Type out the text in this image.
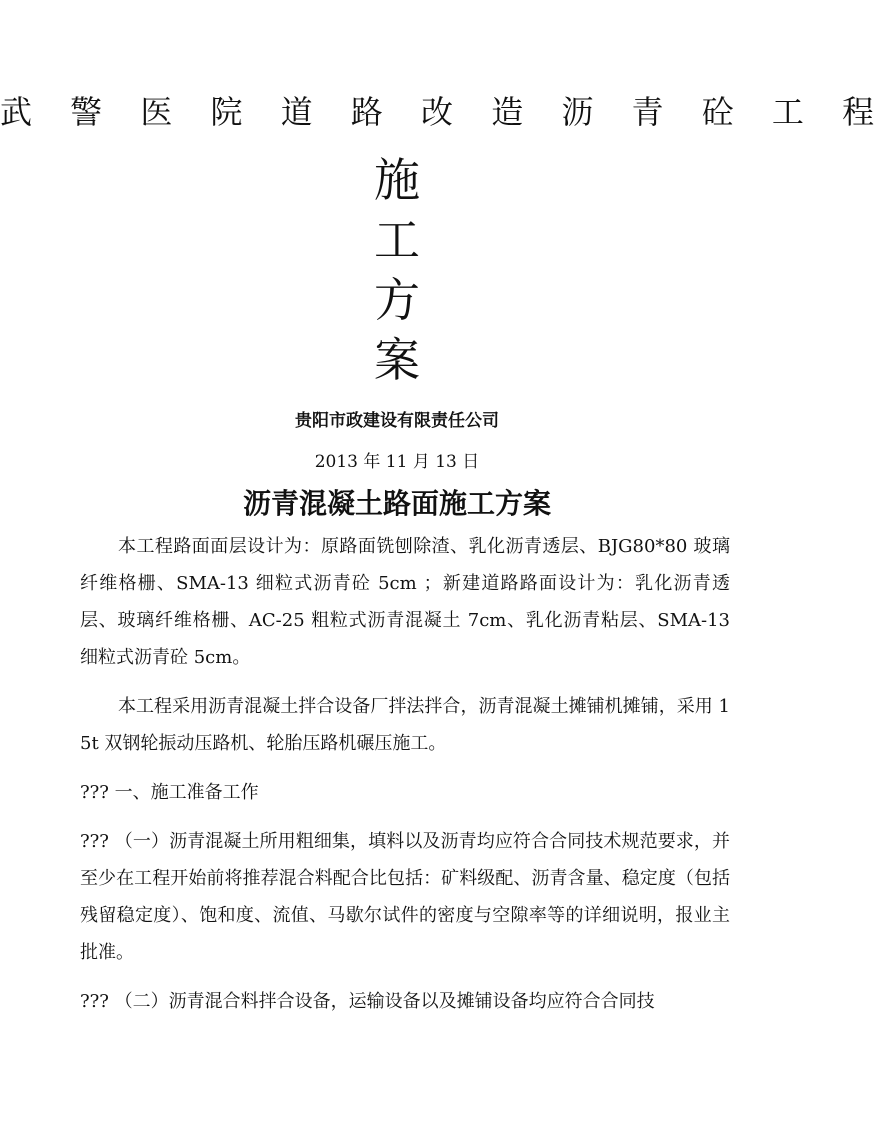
武 警 医 院 道 路 改 造 沥 青 砼 工 程
施
工
方
案
贵阳市政建设有限责任公司
2013 年 11 月 13 日
沥青混凝土路面施工方案

本工程路面面层设计为：原路面铣刨除渣、乳化沥青透层、BJG80*80 玻璃纤维格栅、SMA-13 细粒式沥青砼 5cm ；新建道路路面设计为：乳化沥青透层、玻璃纤维格栅、AC-25 粗粒式沥青混凝土 7cm、乳化沥青粘层、SMA-13 细粒式沥青砼 5cm。

本工程采用沥青混凝土拌合设备厂拌法拌合，沥青混凝土摊铺机摊铺，采用 15t 双钢轮振动压路机、轮胎压路机碾压施工。

??? 一、施工准备工作

??? （一）沥青混凝土所用粗细集，填料以及沥青均应符合合同技术规范要求，并至少在工程开始前将推荐混合料配合比包括：矿料级配、沥青含量、稳定度（包括残留稳定度）、饱和度、流值、马歇尔试件的密度与空隙率等的详细说明，报业主批准。

??? （二）沥青混合料拌合设备，运输设备以及摊铺设备均应符合合同技
